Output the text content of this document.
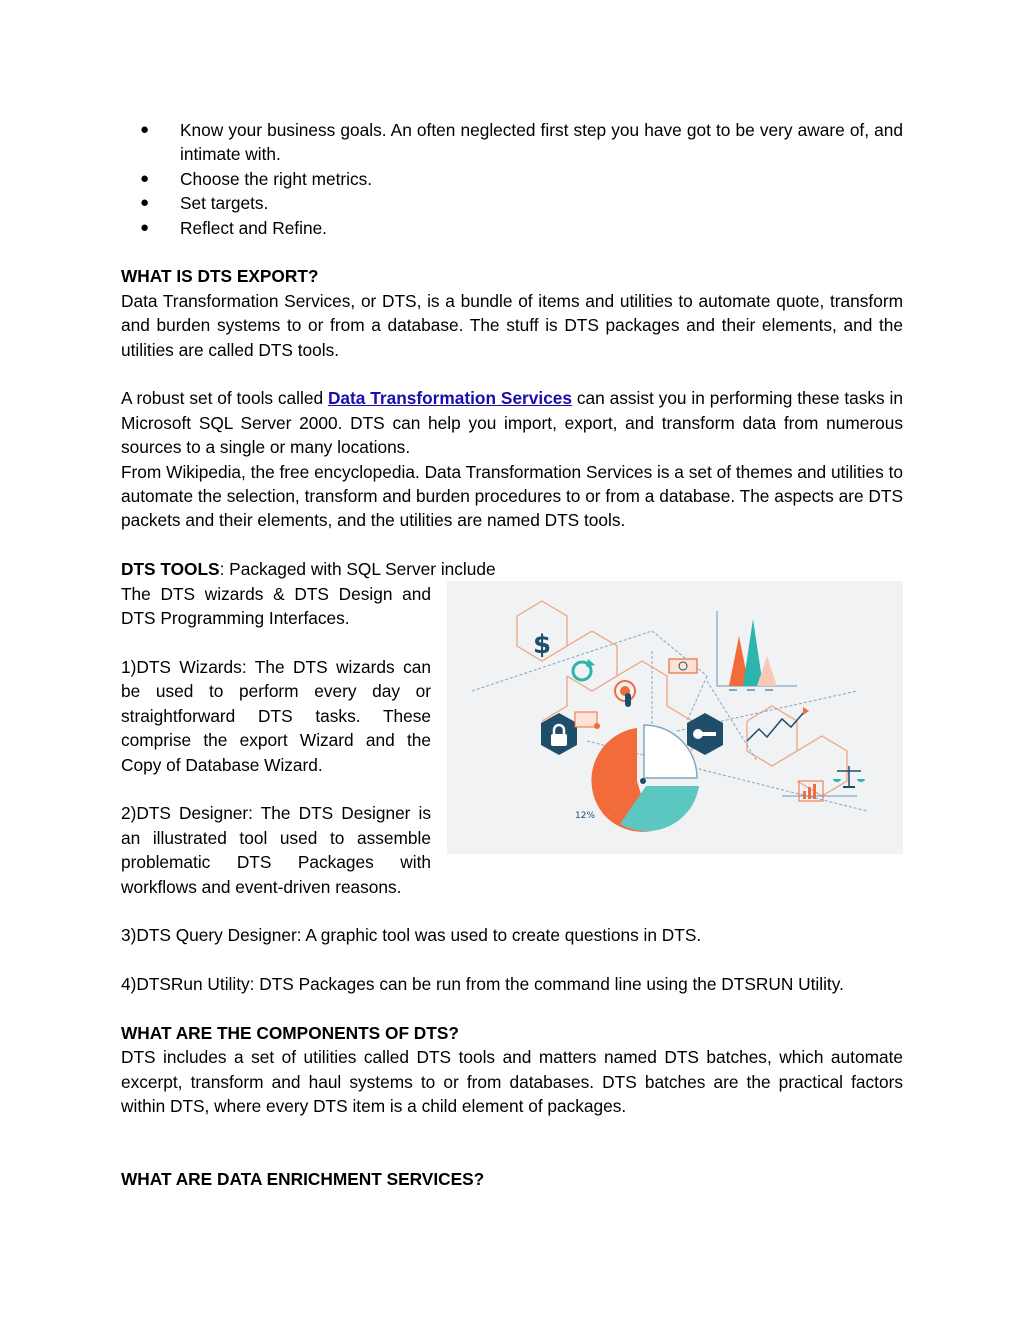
● Know your business goals. An often neglected first step you have got to be very aware of, and intimate with.
● Choose the right metrics.
● Set targets.
● Reflect and Refine.

WHAT IS DTS EXPORT?

Data Transformation Services, or DTS, is a bundle of items and utilities to automate quote, transform and burden systems to or from a database. The stuff is DTS packages and their elements, and the utilities are called DTS tools.

A robust set of tools called Data Transformation Services can assist you in performing these tasks in Microsoft SQL Server 2000. DTS can help you import, export, and transform data from numerous sources to a single or many locations.

From Wikipedia, the free encyclopedia. Data Transformation Services is a set of themes and utilities to automate the selection, transform and burden procedures to or from a database. The aspects are DTS packets and their elements, and the utilities are named DTS tools.

DTS TOOLS: Packaged with SQL Server include

The DTS wizards & DTS Design and DTS Programming Interfaces.

1)DTS Wizards: The DTS wizards can be used to perform every day or straightforward DTS tasks. These comprise the export Wizard and the Copy of Database Wizard.

2)DTS Designer: The DTS Designer is an illustrated tool used to assemble problematic DTS Packages with workflows and event-driven reasons.

$
12%

3)DTS Query Designer: A graphic tool was used to create questions in DTS.

4)DTSRun Utility: DTS Packages can be run from the command line using the DTSRUN Utility.

WHAT ARE THE COMPONENTS OF DTS?

DTS includes a set of utilities called DTS tools and matters named DTS batches, which automate excerpt, transform and haul systems to or from databases. DTS batches are the practical factors within DTS, where every DTS item is a child element of packages.

WHAT ARE DATA ENRICHMENT SERVICES?
